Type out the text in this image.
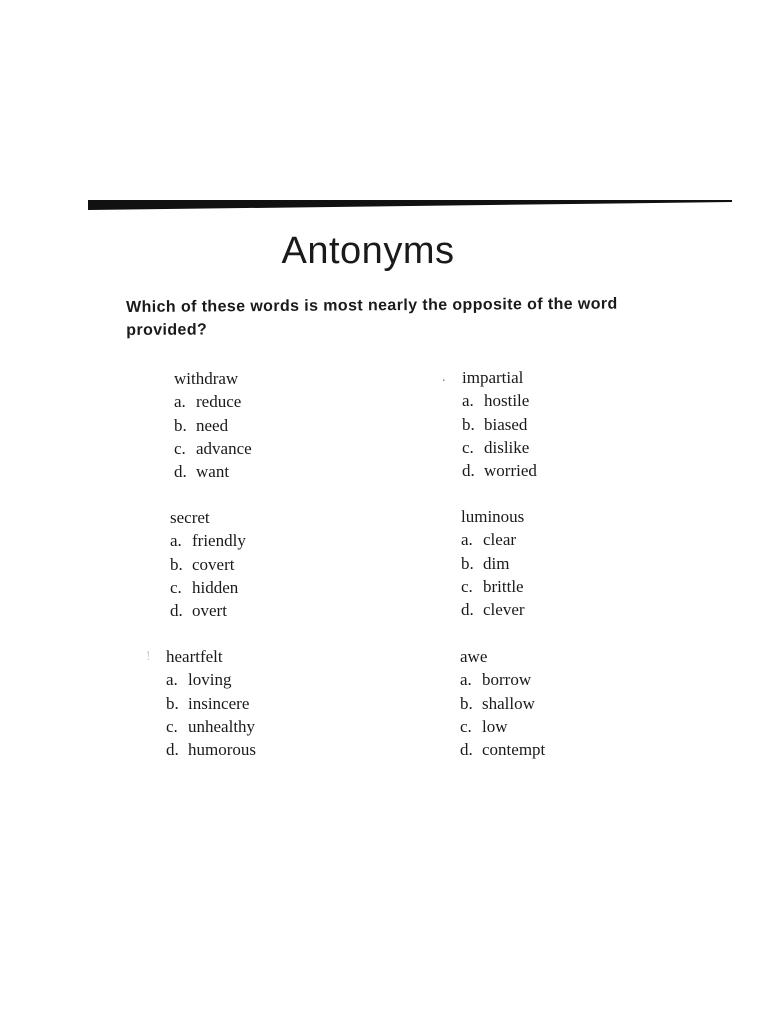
Antonyms

Which of these words is most nearly the opposite of the word provided?

withdraw
a. reduce
b. need
c. advance
d. want
secret
a. friendly
b. covert
c. hidden
d. overt
! heartfelt
a. loving
b. insincere
c. unhealthy
d. humorous
. impartial
a. hostile
b. biased
c. dislike
d. worried
luminous
a. clear
b. dim
c. brittle
d. clever
awe
a. borrow
b. shallow
c. low
d. contempt
